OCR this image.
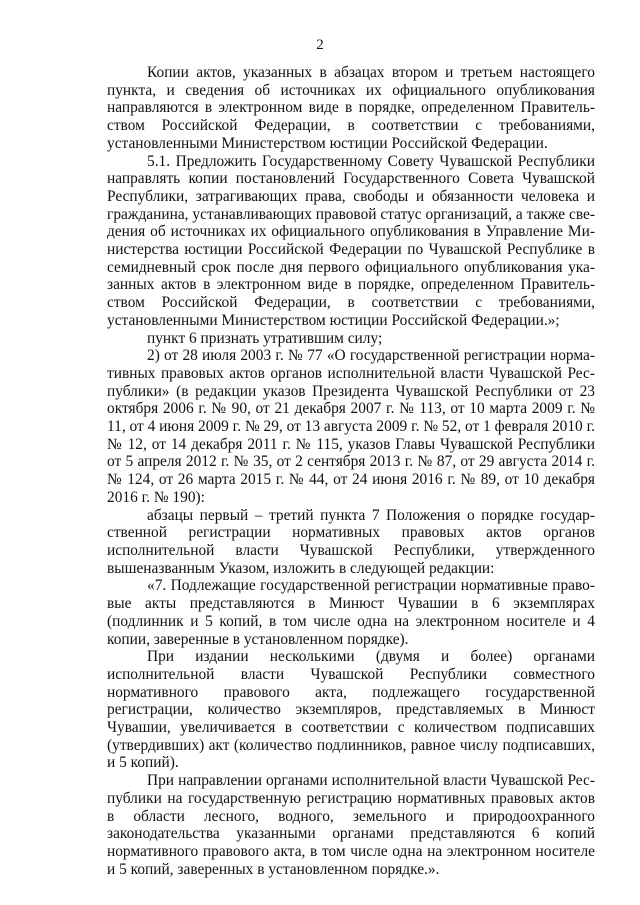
2

Копии актов, указанных в абзацах втором и третьем настоящего пункта, и сведения об источниках их официального опубликования направляются в электронном виде в порядке, определенном Правительством Российской Федерации, в соответствии с требованиями, установленными Министерством юстиции Российской Федерации.

5.1. Предложить Государственному Совету Чувашской Республики направлять копии постановлений Государственного Совета Чувашской Республики, затрагивающих права, свободы и обязанности человека и гражданина, устанавливающих правовой статус организаций, а также сведения об источниках их официального опубликования в Управление Министерства юстиции Российской Федерации по Чувашской Республике в семидневный срок после дня первого официального опубликования указанных актов в электронном виде в порядке, определенном Правительством Российской Федерации, в соответствии с требованиями, установленными Министерством юстиции Российской Федерации.»;

пункт 6 признать утратившим силу;

2) от 28 июля 2003 г. № 77 «О государственной регистрации нормативных правовых актов органов исполнительной власти Чувашской Республики» (в редакции указов Президента Чувашской Республики от 23 октября 2006 г. № 90, от 21 декабря 2007 г. № 113, от 10 марта 2009 г. № 11, от 4 июня 2009 г. № 29, от 13 августа 2009 г. № 52, от 1 февраля 2010 г. № 12, от 14 декабря 2011 г. № 115, указов Главы Чувашской Республики от 5 апреля 2012 г. № 35, от 2 сентября 2013 г. № 87, от 29 августа 2014 г. № 124, от 26 марта 2015 г. № 44, от 24 июня 2016 г. № 89, от 10 декабря 2016 г. № 190):

абзацы первый – третий пункта 7 Положения о порядке государственной регистрации нормативных правовых актов органов исполнительной власти Чувашской Республики, утвержденного вышеназванным Указом, изложить в следующей редакции:

«7. Подлежащие государственной регистрации нормативные правовые акты представляются в Минюст Чувашии в 6 экземплярах (подлинник и 5 копий, в том числе одна на электронном носителе и 4 копии, заверенные в установленном порядке).

При издании несколькими (двумя и более) органами исполнительной власти Чувашской Республики совместного нормативного правового акта, подлежащего государственной регистрации, количество экземпляров, представляемых в Минюст Чувашии, увеличивается в соответствии с количеством подписавших (утвердивших) акт (количество подлинников, равное числу подписавших, и 5 копий).

При направлении органами исполнительной власти Чувашской Республики на государственную регистрацию нормативных правовых актов в области лесного, водного, земельного и природоохранного законодательства указанными органами представляются 6 копий нормативного правового акта, в том числе одна на электронном носителе и 5 копий, заверенных в установленном порядке.».
